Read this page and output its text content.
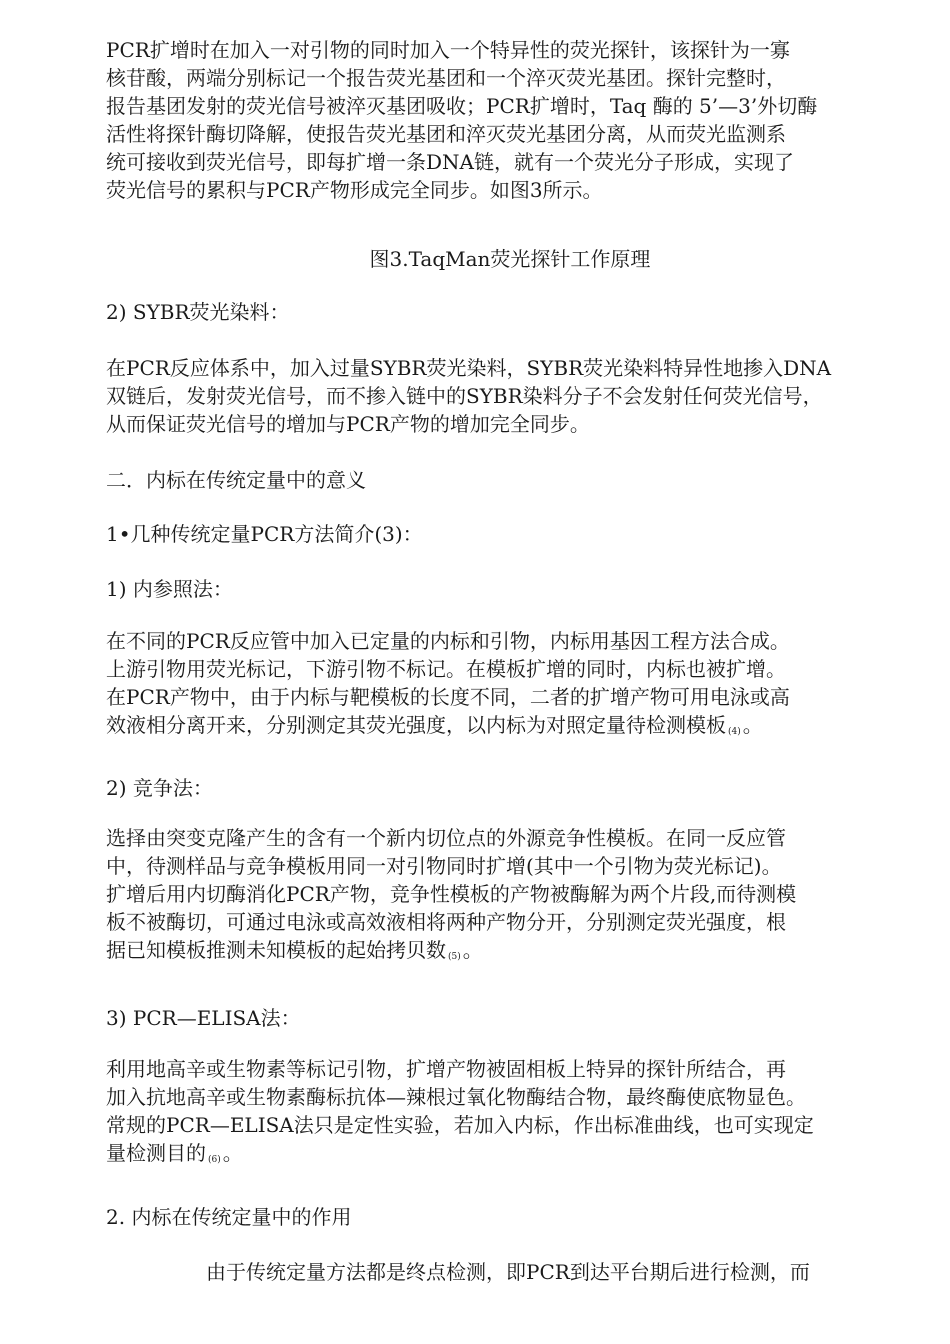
PCR扩增时在加入一对引物的同时加入一个特异性的荧光探针，该探针为一寡
核苷酸，两端分别标记一个报告荧光基团和一个淬灭荧光基团。探针完整时，
报告基团发射的荧光信号被淬灭基团吸收；PCR扩增时，Taq 酶的 5’—3’外切酶
活性将探针酶切降解，使报告荧光基团和淬灭荧光基团分离，从而荧光监测系
统可接收到荧光信号，即每扩增一条DNA链，就有一个荧光分子形成，实现了
荧光信号的累积与PCR产物形成完全同步。如图3所示。
图3.TaqMan荧光探针工作原理
2) SYBR荧光染料：
在PCR反应体系中，加入过量SYBR荧光染料，SYBR荧光染料特异性地掺入DNA
双链后，发射荧光信号，而不掺入链中的SYBR染料分子不会发射任何荧光信号，
从而保证荧光信号的增加与PCR产物的增加完全同步。
二．内标在传统定量中的意义
1•几种传统定量PCR方法简介(3)：
1) 内参照法：
在不同的PCR反应管中加入已定量的内标和引物，内标用基因工程方法合成。
上游引物用荧光标记，下游引物不标记。在模板扩增的同时，内标也被扩增。
在PCR产物中，由于内标与靶模板的长度不同，二者的扩增产物可用电泳或高
效液相分离开来，分别测定其荧光强度，以内标为对照定量待检测模板 $_{(4)}$ 。
2) 竞争法：
选择由突变克隆产生的含有一个新内切位点的外源竞争性模板。在同一反应管
中，待测样品与竞争模板用同一对引物同时扩增(其中一个引物为荧光标记)。
扩增后用内切酶消化PCR产物，竞争性模板的产物被酶解为两个片段,而待测模
板不被酶切，可通过电泳或高效液相将两种产物分开，分别测定荧光强度，根
据已知模板推测未知模板的起始拷贝数 $_{(5)}$ 。
3) PCR—ELISA法：
利用地高辛或生物素等标记引物，扩增产物被固相板上特异的探针所结合，再
加入抗地高辛或生物素酶标抗体—辣根过氧化物酶结合物，最终酶使底物显色。
常规的PCR—ELISA法只是定性实验，若加入内标，作出标准曲线，也可实现定
量检测目的 $_{(6)}$ 。
2. 内标在传统定量中的作用
由于传统定量方法都是终点检测，即PCR到达平台期后进行检测，而
